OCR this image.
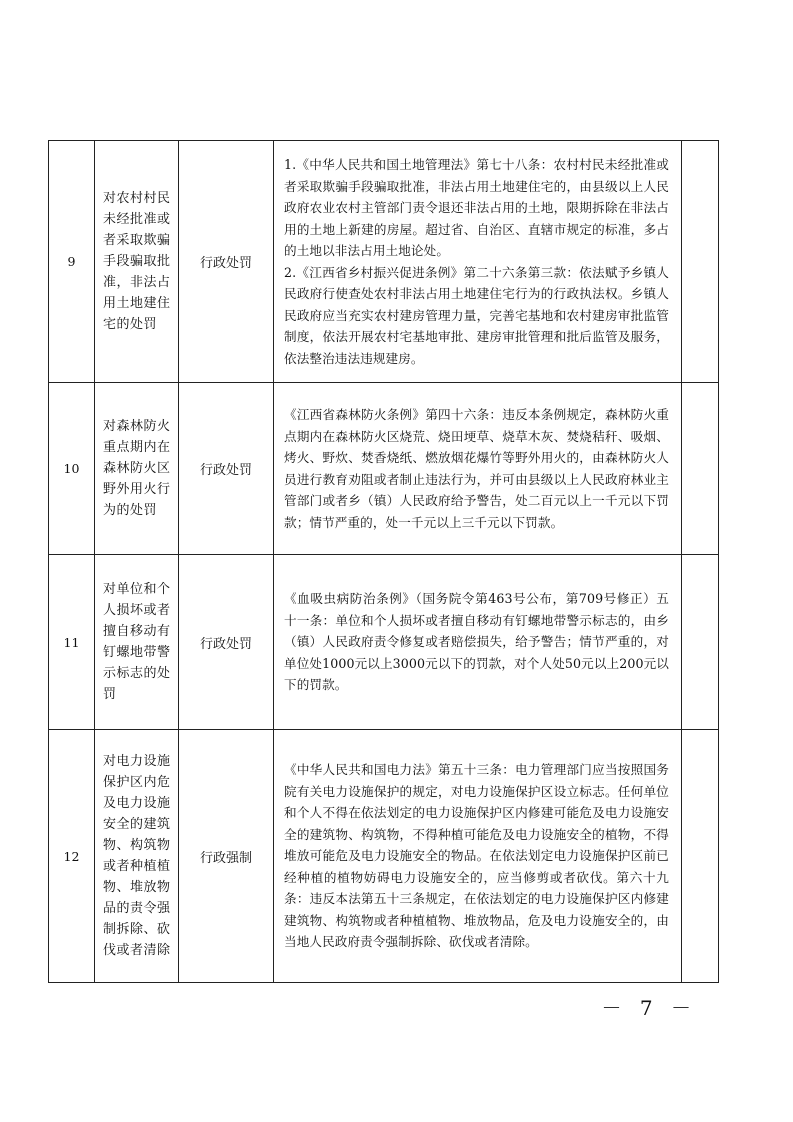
9	对农村村民未经批准或者采取欺骗手段骗取批准，非法占用土地建住宅的处罚	行政处罚	1.《中华人民共和国土地管理法》第七十八条：农村村民未经批准或者采取欺骗手段骗取批准，非法占用土地建住宅的，由县级以上人民政府农业农村主管部门责令退还非法占用的土地，限期拆除在非法占用的土地上新建的房屋。超过省、自治区、直辖市规定的标准，多占的土地以非法占用土地论处。

2.《江西省乡村振兴促进条例》第二十六条第三款：依法赋予乡镇人民政府行使查处农村非法占用土地建住宅行为的行政执法权。乡镇人民政府应当充实农村建房管理力量，完善宅基地和农村建房审批监管制度，依法开展农村宅基地审批、建房审批管理和批后监管及服务，依法整治违法违规建房。	

10	对森林防火重点期内在森林防火区野外用火行为的处罚	行政处罚	《江西省森林防火条例》第四十六条：违反本条例规定，森林防火重点期内在森林防火区烧荒、烧田埂草、烧草木灰、焚烧秸秆、吸烟、烤火、野炊、焚香烧纸、燃放烟花爆竹等野外用火的，由森林防火人员进行教育劝阻或者制止违法行为，并可由县级以上人民政府林业主管部门或者乡（镇）人民政府给予警告，处二百元以上一千元以下罚款；情节严重的，处一千元以上三千元以下罚款。	

11	对单位和个人损坏或者擅自移动有钉螺地带警示标志的处罚	行政处罚	《血吸虫病防治条例》（国务院令第463号公布，第709号修正）五十一条：单位和个人损坏或者擅自移动有钉螺地带警示标志的，由乡（镇）人民政府责令修复或者赔偿损失，给予警告；情节严重的，对单位处1000元以上3000元以下的罚款，对个人处50元以上200元以下的罚款。	

12	对电力设施保护区内危及电力设施安全的建筑物、构筑物或者种植植物、堆放物品的责令强制拆除、砍伐或者清除	行政强制	《中华人民共和国电力法》第五十三条：电力管理部门应当按照国务院有关电力设施保护的规定，对电力设施保护区设立标志。任何单位和个人不得在依法划定的电力设施保护区内修建可能危及电力设施安全的建筑物、构筑物，不得种植可能危及电力设施安全的植物，不得堆放可能危及电力设施安全的物品。在依法划定电力设施保护区前已经种植的植物妨碍电力设施安全的，应当修剪或者砍伐。第六十九条：违反本法第五十三条规定，在依法划定的电力设施保护区内修建建筑物、构筑物或者种植植物、堆放物品，危及电力设施安全的，由当地人民政府责令强制拆除、砍伐或者清除。	

－ 7 －
